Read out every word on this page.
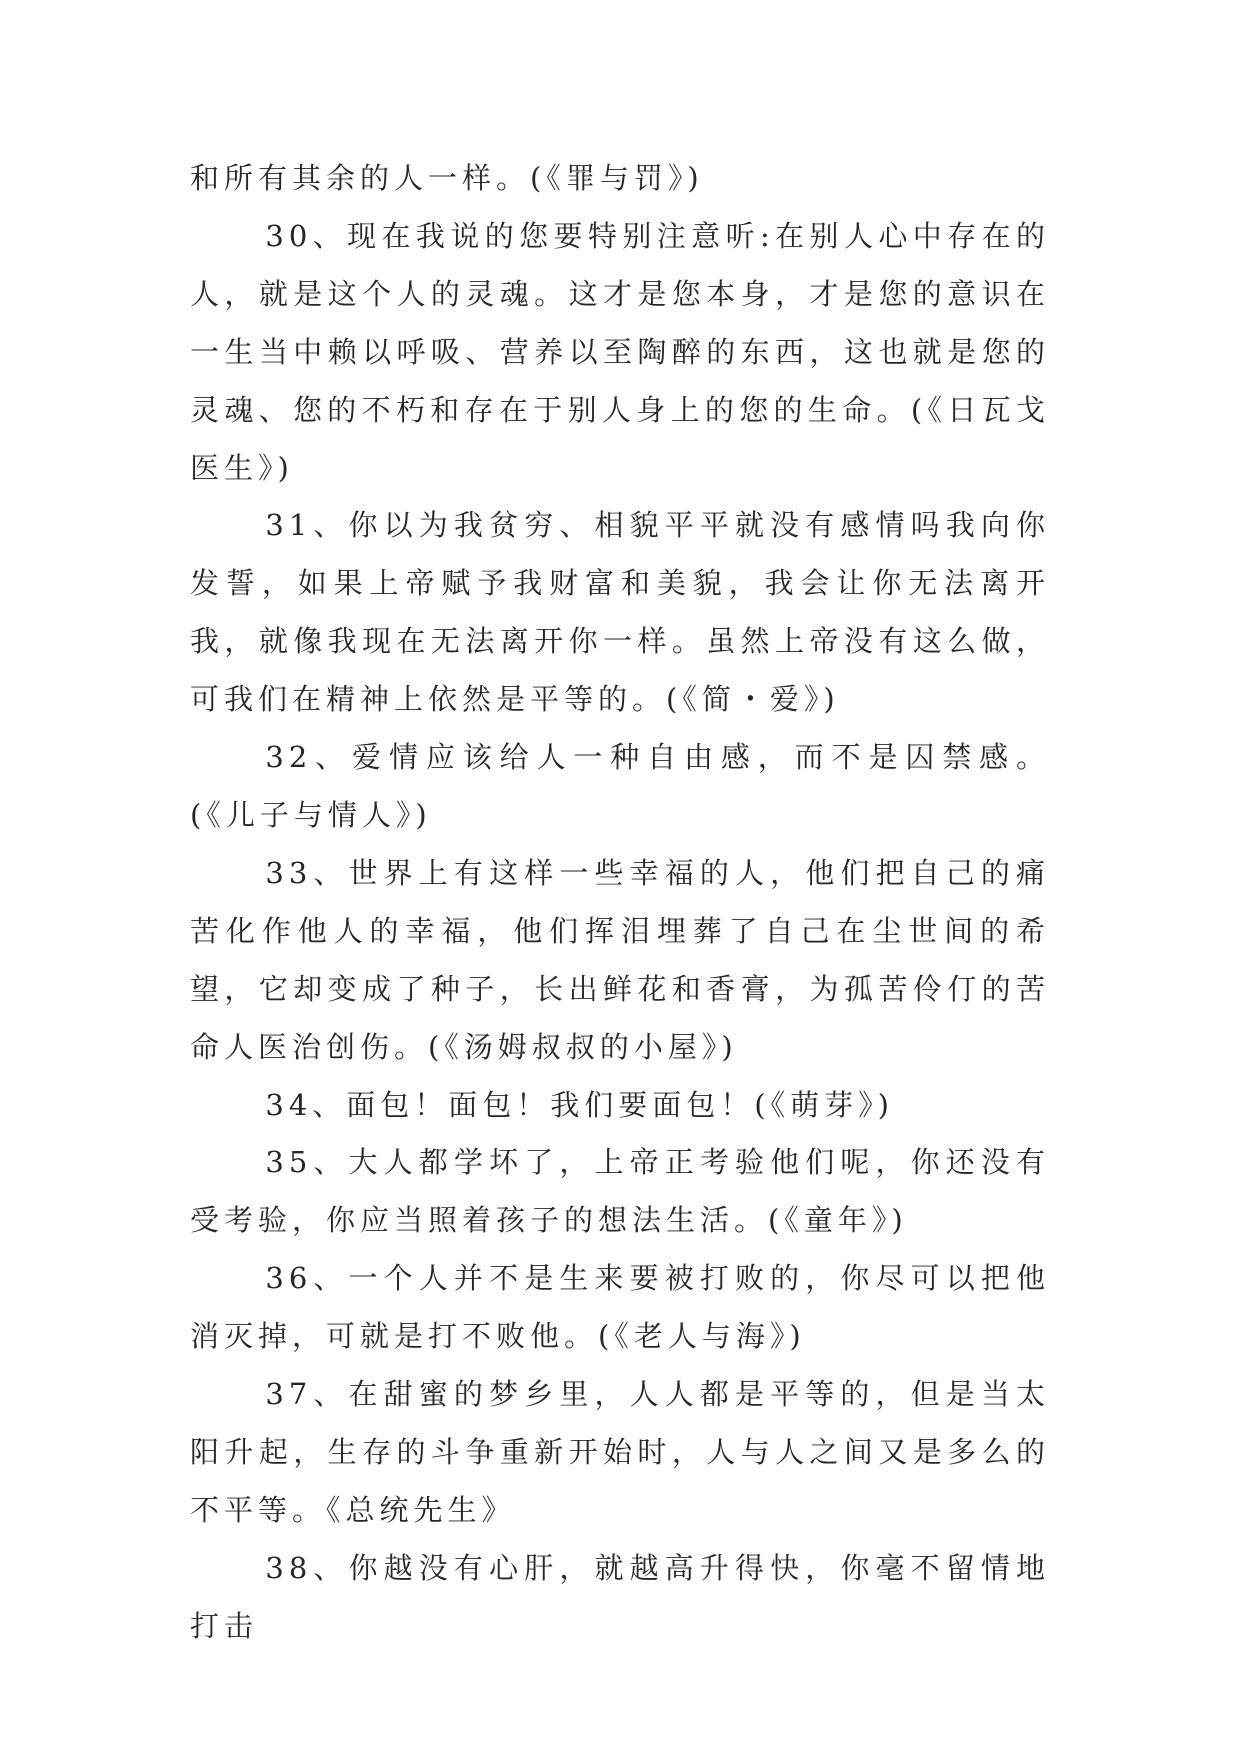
和所有其余的人一样。(《罪与罚》)

30、现在我说的您要特别注意听:在别人心中存在的人，就是这个人的灵魂。这才是您本身，才是您的意识在一生当中赖以呼吸、营养以至陶醉的东西，这也就是您的灵魂、您的不朽和存在于别人身上的您的生命。(《日瓦戈医生》)

31、你以为我贫穷、相貌平平就没有感情吗我向你发誓，如果上帝赋予我财富和美貌，我会让你无法离开我，就像我现在无法离开你一样。虽然上帝没有这么做，可我们在精神上依然是平等的。(《简・爱》)

32、爱情应该给人一种自由感，而不是囚禁感。(《儿子与情人》)

33、世界上有这样一些幸福的人，他们把自己的痛苦化作他人的幸福，他们挥泪埋葬了自己在尘世间的希望，它却变成了种子，长出鲜花和香膏，为孤苦伶仃的苦命人医治创伤。(《汤姆叔叔的小屋》)

34、面包！面包！我们要面包！(《萌芽》)

35、大人都学坏了，上帝正考验他们呢，你还没有受考验，你应当照着孩子的想法生活。(《童年》)

36、一个人并不是生来要被打败的，你尽可以把他消灭掉，可就是打不败他。(《老人与海》)

37、在甜蜜的梦乡里，人人都是平等的，但是当太阳升起，生存的斗争重新开始时，人与人之间又是多么的不平等。《总统先生》

38、你越没有心肝，就越高升得快，你毫不留情地打击
